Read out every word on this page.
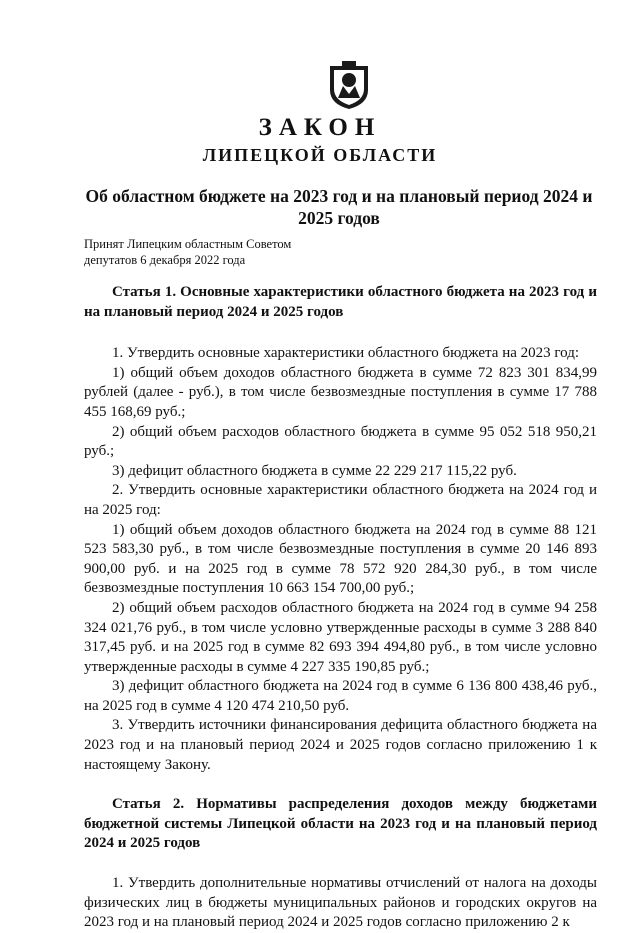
ЗАКОН
ЛИПЕЦКОЙ ОБЛАСТИ
Об областном бюджете на 2023 год и на плановый период 2024 и 2025 годов
Принят Липецким областным Советом
депутатов 6 декабря 2022 года

Статья 1. Основные характеристики областного бюджета на 2023 год и на плановый период 2024 и 2025 годов

1. Утвердить основные характеристики областного бюджета на 2023 год:

1) общий объем доходов областного бюджета в сумме 72 823 301 834,99 рублей (далее - руб.), в том числе безвозмездные поступления в сумме 17 788 455 168,69 руб.;

2) общий объем расходов областного бюджета в сумме 95 052 518 950,21 руб.;

3) дефицит областного бюджета в сумме 22 229 217 115,22 руб.

2. Утвердить основные характеристики областного бюджета на 2024 год и на 2025 год:

1) общий объем доходов областного бюджета на 2024 год в сумме 88 121 523 583,30 руб., в том числе безвозмездные поступления в сумме 20 146 893 900,00 руб. и на 2025 год в сумме 78 572 920 284,30 руб., в том числе безвозмездные поступления 10 663 154 700,00 руб.;

2) общий объем расходов областного бюджета на 2024 год в сумме 94 258 324 021,76 руб., в том числе условно утвержденные расходы в сумме 3 288 840 317,45 руб. и на 2025 год в сумме 82 693 394 494,80 руб., в том числе условно утвержденные расходы в сумме 4 227 335 190,85 руб.;

3) дефицит областного бюджета на 2024 год в сумме 6 136 800 438,46 руб., на 2025 год в сумме 4 120 474 210,50 руб.

3. Утвердить источники финансирования дефицита областного бюджета на 2023 год и на плановый период 2024 и 2025 годов согласно приложению 1 к настоящему Закону.

Статья 2. Нормативы распределения доходов между бюджетами бюджетной системы Липецкой области на 2023 год и на плановый период 2024 и 2025 годов

1. Утвердить дополнительные нормативы отчислений от налога на доходы физических лиц в бюджеты муниципальных районов и городских округов на 2023 год и на плановый период 2024 и 2025 годов согласно приложению 2 к
